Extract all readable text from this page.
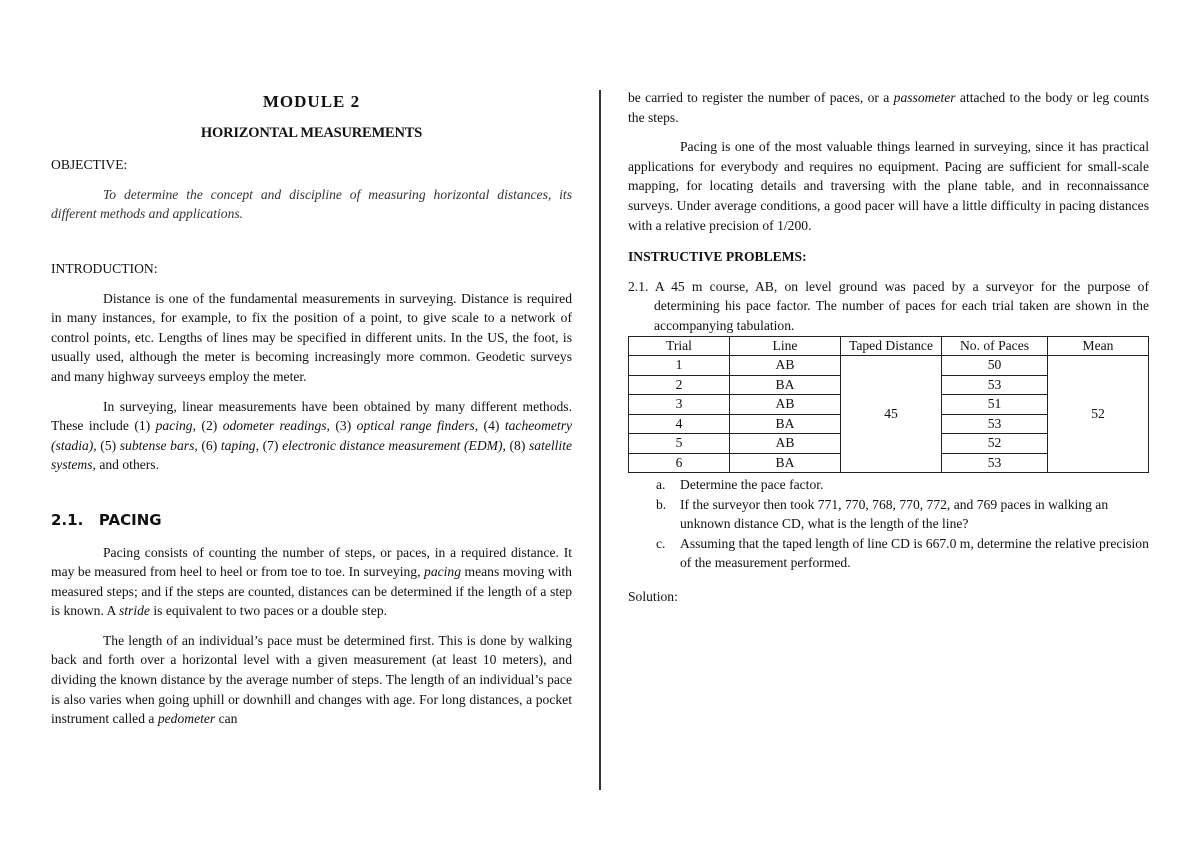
MODULE 2
HORIZONTAL MEASUREMENTS
OBJECTIVE:
To determine the concept and discipline of measuring horizontal distances, its different methods and applications.
INTRODUCTION:

Distance is one of the fundamental measurements in surveying. Distance is required in many instances, for example, to fix the position of a point, to give scale to a network of control points, etc. Lengths of lines may be specified in different units. In the US, the foot, is usually used, although the meter is becoming increasingly more common. Geodetic surveys and many highway surveeys employ the meter.

In surveying, linear measurements have been obtained by many different methods. These include (1) pacing, (2) odometer readings, (3) optical range finders, (4) tacheometry (stadia), (5) subtense bars, (6) taping, (7) electronic distance measurement (EDM), (8) satellite systems, and others.

2.1.   PACING

Pacing consists of counting the number of steps, or paces, in a required distance. It may be measured from heel to heel or from toe to toe. In surveying, pacing means moving with measured steps; and if the steps are counted, distances can be determined if the length of a step is known. A stride is equivalent to two paces or a double step.

The length of an individual’s pace must be determined first. This is done by walking back and forth over a horizontal level with a given measurement (at least 10 meters), and dividing the known distance by the average number of steps. The length of an individual’s pace is also varies when going uphill or downhill and changes with age. For long distances, a pocket instrument called a pedometer can

be carried to register the number of paces, or a passometer attached to the body or leg counts the steps.

Pacing is one of the most valuable things learned in surveying, since it has practical applications for everybody and requires no equipment. Pacing are sufficient for small-scale mapping, for locating details and traversing with the plane table, and in reconnaissance surveys. Under average conditions, a good pacer will have a little difficulty in pacing distances with a relative precision of 1/200.

INSTRUCTIVE PROBLEMS:
2.1. A 45 m course, AB, on level ground was paced by a surveyor for the purpose of determining his pace factor. The number of paces for each trial taken are shown in the accompanying tabulation.
Trial	Line	Taped Distance	No. of Paces	Mean
1	AB	45	50	52
2	BA		53	
3	AB		51	
4	BA		53	
5	AB		52	
6	BA		53	
a. Determine the pace factor.
b. If the surveyor then took 771, 770, 768, 770, 772, and 769 paces in walking an unknown distance CD, what is the length of the line?
c. Assuming that the taped length of line CD is 667.0 m, determine the relative precision of the measurement performed.
Solution:
